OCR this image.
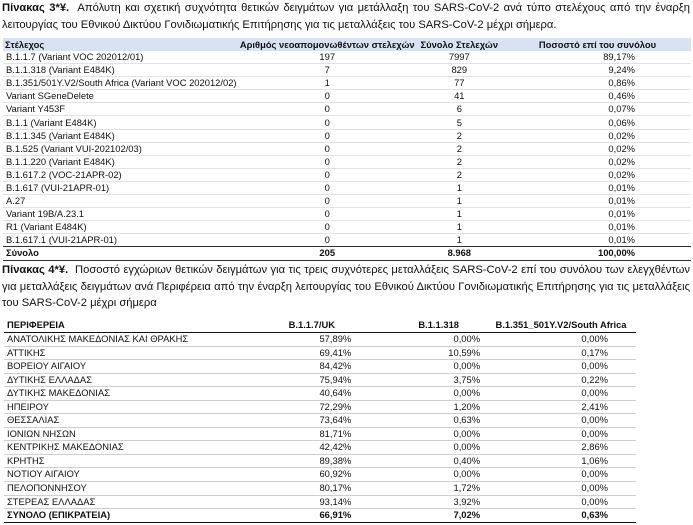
Πίνακας 3*¥. Απόλυτη και σχετική συχνότητα θετικών δειγμάτων για μετάλλαξη του SARS-CoV-2 ανά τύπο στελέχους από την έναρξη λειτουργίας του Εθνικού Δικτύου Γονιδιωματικής Επιτήρησης για τις μεταλλάξεις του SARS-CoV-2 μέχρι σήμερα.

Στέλεχος	Αριθμός νεοαπομονωθέντων στελεχών	Σύνολο Στελεχών	Ποσοστό επί του συνόλου
B.1.1.7 (Variant VOC 202012/01)	197	7997	89,17%
B.1.1.318 (Variant E484K)	7	829	9,24%
B.1.351/501Y.V2/South Africa (Variant VOC 202012/02)	1	77	0,86%
Variant SGeneDelete	0	41	0,46%
Variant Y453F	0	6	0,07%
B.1.1 (Variant E484K)	0	5	0,06%
B.1.1.345 (Variant E484K)	0	2	0,02%
B.1.525 (Variant VUI-202102/03)	0	2	0,02%
B.1.1.220 (Variant E484K)	0	2	0,02%
B.1.617.2 (VOC-21APR-02)	0	2	0,02%
B.1.617 (VUI-21APR-01)	0	1	0,01%
A.27	0	1	0,01%
Variant 19B/A.23.1	0	1	0,01%
R1 (Variant E484K)	0	1	0,01%
B.1.617.1 (VUI-21APR-01)	0	1	0,01%
Σύνολο	205	8.968	100,00%

Πίνακας 4*¥. Ποσοστό εγχώριων θετικών δειγμάτων για τις τρεις συχνότερες μεταλλάξεις SARS-CoV-2 επί του συνόλου των ελεγχθέντων για μεταλλάξεις δειγμάτων ανά Περιφέρεια από την έναρξη λειτουργίας του Εθνικού Δικτύου Γονιδιωματικής Επιτήρησης για τις μεταλλάξεις του SARS-CoV-2 μέχρι σήμερα

ΠΕΡΙΦΕΡΕΙΑ	B.1.1.7/UK	B.1.1.318	B.1.351_501Y.V2/South Africa
ΑΝΑΤΟΛΙΚΗΣ ΜΑΚΕΔΟΝΙΑΣ ΚΑΙ ΘΡΑΚΗΣ	57,89%	0,00%	0,00%
ΑΤΤΙΚΗΣ	69,41%	10,59%	0,17%
ΒΟΡΕΙΟΥ ΑΙΓΑΙΟΥ	84,42%	0,00%	0,00%
ΔΥΤΙΚΗΣ ΕΛΛΑΔΑΣ	75,94%	3,75%	0,22%
ΔΥΤΙΚΗΣ ΜΑΚΕΔΟΝΙΑΣ	40,64%	0,00%	0,00%
ΗΠΕΙΡΟΥ	72,29%	1,20%	2,41%
ΘΕΣΣΑΛΙΑΣ	73,64%	0,63%	0,00%
ΙΟΝΙΩΝ ΝΗΣΩΝ	81,71%	0,00%	0,00%
ΚΕΝΤΡΙΚΗΣ ΜΑΚΕΔΟΝΙΑΣ	42,42%	0,00%	2,86%
ΚΡΗΤΗΣ	89,38%	0,40%	1,06%
ΝΟΤΙΟΥ ΑΙΓΑΙΟΥ	60,92%	0,00%	0,00%
ΠΕΛΟΠΟΝΝΗΣΟΥ	80,17%	1,72%	0,00%
ΣΤΕΡΕΑΣ ΕΛΛΑΔΑΣ	93,14%	3,92%	0,00%
ΣΥΝΟΛΟ (ΕΠΙΚΡΑΤΕΙΑ)	66,91%	7,02%	0,63%
